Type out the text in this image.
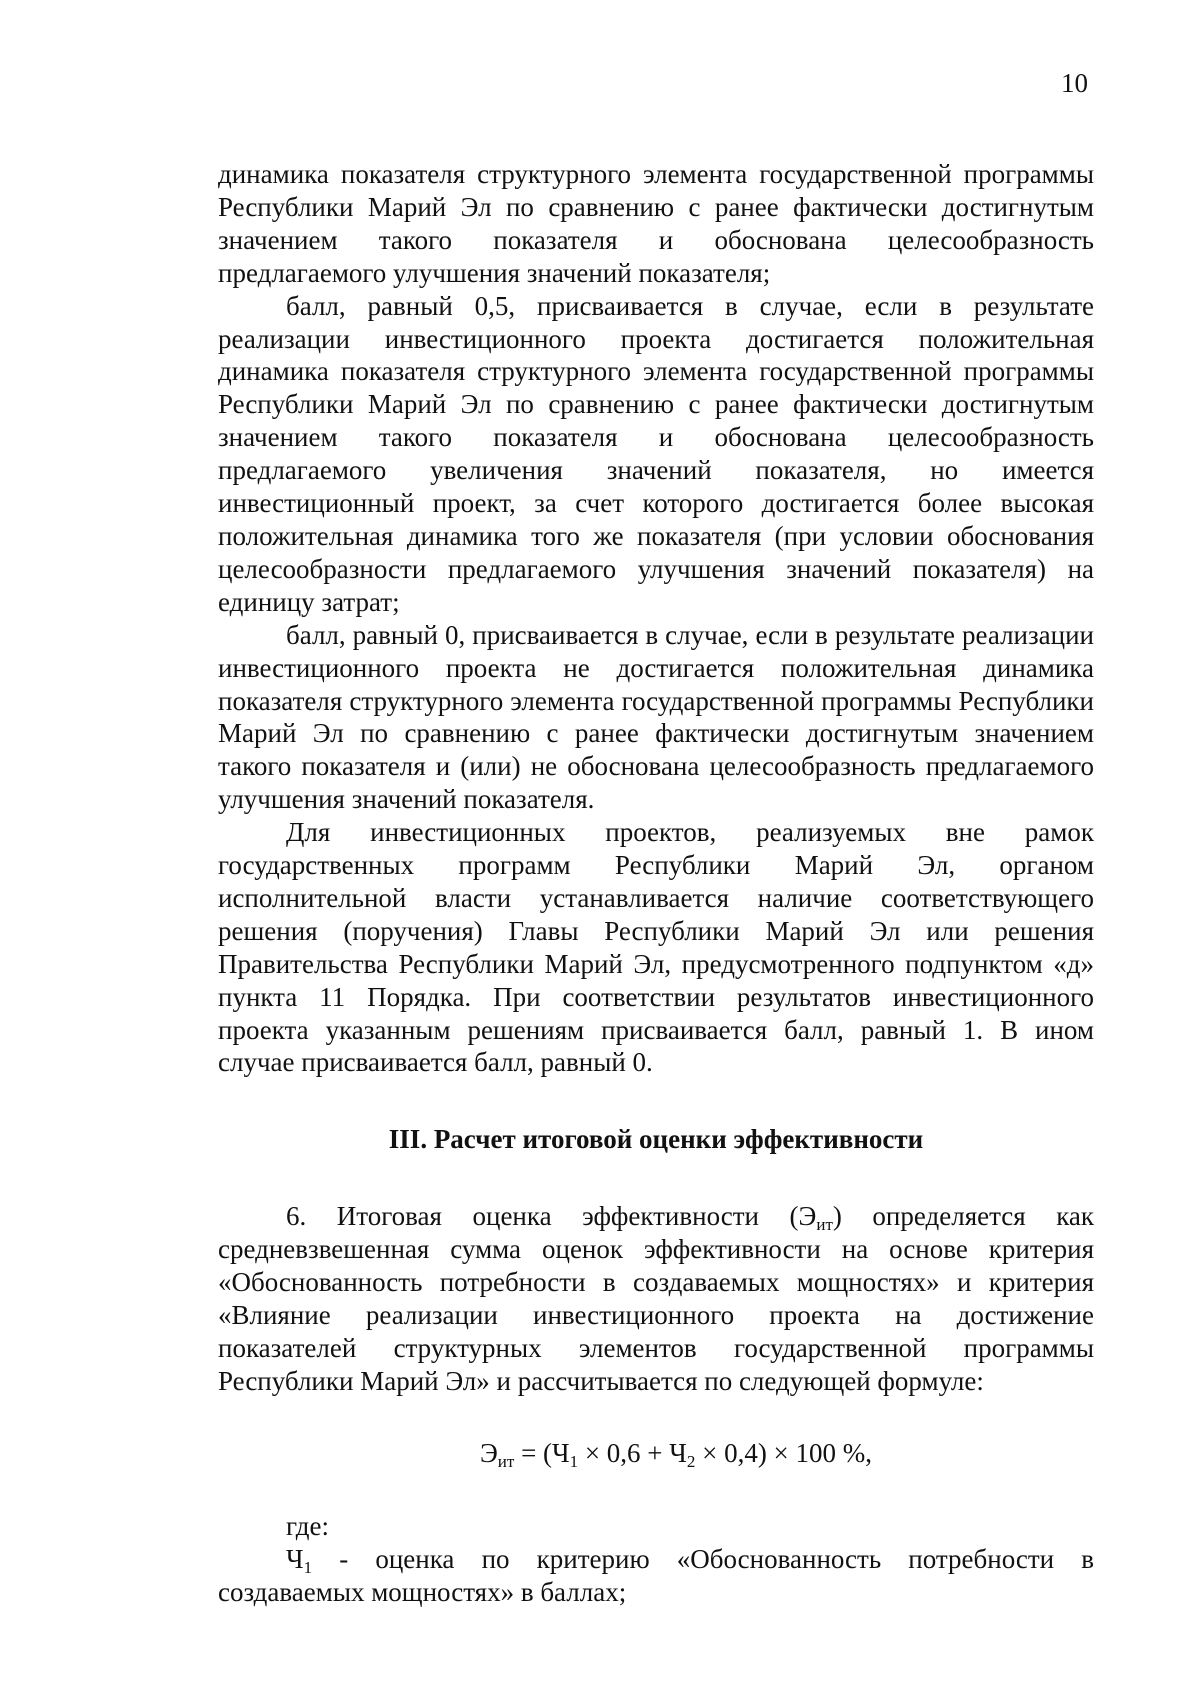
10

динамика показателя структурного элемента государственной программы Республики Марий Эл по сравнению с ранее фактически достигнутым значением такого показателя и обоснована целесообразность предлагаемого улучшения значений показателя;

балл, равный 0,5, присваивается в случае, если в результате реализации инвестиционного проекта достигается положительная динамика показателя структурного элемента государственной программы Республики Марий Эл по сравнению с ранее фактически достигнутым значением такого показателя и обоснована целесообразность предлагаемого увеличения значений показателя, но имеется инвестиционный проект, за счет которого достигается более высокая положительная динамика того же показателя (при условии обоснования целесообразности предлагаемого улучшения значений показателя) на единицу затрат;

балл, равный 0, присваивается в случае, если в результате реализации инвестиционного проекта не достигается положительная динамика показателя структурного элемента государственной программы Республики Марий Эл по сравнению с ранее фактически достигнутым значением такого показателя и (или) не обоснована целесообразность предлагаемого улучшения значений показателя.

Для инвестиционных проектов, реализуемых вне рамок государственных программ Республики Марий Эл, органом исполнительной власти устанавливается наличие соответствующего решения (поручения) Главы Республики Марий Эл или решения Правительства Республики Марий Эл, предусмотренного подпунктом «д» пункта 11 Порядка. При соответствии результатов инвестиционного проекта указанным решениям присваивается балл, равный 1. В ином случае присваивается балл, равный 0.

III. Расчет итоговой оценки эффективности

6. Итоговая оценка эффективности $(Э_{ит})$ определяется как средневзвешенная сумма оценок эффективности на основе критерия «Обоснованность потребности в создаваемых мощностях» и критерия «Влияние реализации инвестиционного проекта на достижение показателей структурных элементов государственной программы Республики Марий Эл» и рассчитывается по следующей формуле:

$Э_{ит} = (Ч_1 \times 0,6 + Ч_2 \times 0,4) \times 100$ %,

где:

$Ч_1$ - оценка по критерию «Обоснованность потребности в создаваемых мощностях» в баллах;
